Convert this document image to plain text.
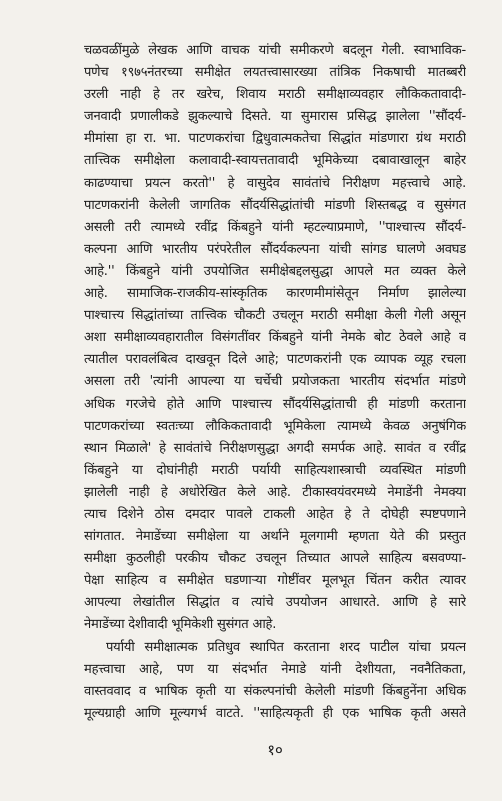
चळवळींमुळे लेखक आणि वाचक यांची समीकरणे बदलून गेली. स्वाभाविक-
पणेच १९७५नंतरच्या समीक्षेत लयतत्त्वासारख्या तांत्रिक निकषाची मातब्बरी
उरली नाही हे तर खरेच, शिवाय मराठी समीक्षाव्यवहार लौकिकतावादी-
जनवादी प्रणालीकडे झुकल्याचे दिसते. या सुमारास प्रसिद्ध झालेला ''सौंदर्य-
मीमांसा हा रा. भा. पाटणकरांचा द्विधुवात्मकतेचा सिद्धांत मांडणारा ग्रंथ मराठी
तात्त्विक समीक्षेला कलावादी-स्वायत्ततावादी भूमिकेच्या दबावाखालून बाहेर
काढण्याचा प्रयत्न करतो'' हे वासुदेव सावंतांचे निरीक्षण महत्त्वाचे आहे.
पाटणकरांनी केलेली जागतिक सौंदर्यसिद्धांतांची मांडणी शिस्तबद्ध व सुसंगत
असली तरी त्यामध्ये रवींद्र किंबहुने यांनी म्हटल्याप्रमाणे, ''पाश्चात्त्य सौंदर्य-
कल्पना आणि भारतीय परंपरेतील सौंदर्यकल्पना यांची सांगड घालणे अवघड
आहे.'' किंबहुने यांनी उपयोजित समीक्षेबद्दलसुद्धा आपले मत व्यक्त केले
आहे. सामाजिक-राजकीय-सांस्कृतिक कारणमीमांसेतून निर्माण झालेल्या
पाश्चात्त्य सिद्धांतांच्या तात्त्विक चौकटी उचलून मराठी समीक्षा केली गेली असून
अशा समीक्षाव्यवहारातील विसंगतींवर किंबहुने यांनी नेमके बोट ठेवले आहे व
त्यातील परावलंबित्व दाखवून दिले आहे; पाटणकरांनी एक व्यापक व्यूह रचला
असला तरी 'त्यांनी आपल्या या चर्चेची प्रयोजकता भारतीय संदर्भात मांडणे
अधिक गरजेचे होते आणि पाश्चात्त्य सौंदर्यसिद्धांताची ही मांडणी करताना
पाटणकरांच्या स्वतःच्या लौकिकतावादी भूमिकेला त्यामध्ये केवळ अनुषंगिक
स्थान मिळाले' हे सावंतांचे निरीक्षणसुद्धा अगदी समर्पक आहे. सावंत व रवींद्र
किंबहुने या दोघांनीही मराठी पर्यायी साहित्यशास्त्राची व्यवस्थित मांडणी
झालेली नाही हे अधोरेखित केले आहे. टीकास्वयंवरमध्ये नेमाडेंनी नेमक्या
त्याच दिशेने ठोस दमदार पावले टाकली आहेत हे ते दोघेही स्पष्टपणाने
सांगतात. नेमाडेंच्या समीक्षेला या अर्थाने मूलगामी म्हणता येते की प्रस्तुत
समीक्षा कुठलीही परकीय चौकट उचलून तिच्यात आपले साहित्य बसवण्या-
पेक्षा साहित्य व समीक्षेत घडणाऱ्या गोष्टींवर मूलभूत चिंतन करीत त्यावर
आपल्या लेखांतील सिद्धांत व त्यांचे उपयोजन आधारते. आणि हे सारे
नेमाडेंच्या देशीवादी भूमिकेशी सुसंगत आहे.
पर्यायी समीक्षात्मक प्रतिधुव स्थापित करताना शरद पाटील यांचा प्रयत्न
महत्त्वाचा आहे, पण या संदर्भात नेमाडे यांनी देशीयता, नवनैतिकता,
वास्तववाद व भाषिक कृती या संकल्पनांची केलेली मांडणी किंबहुनेंना अधिक
मूल्यग्राही आणि मूल्यगर्भ वाटते. ''साहित्यकृती ही एक भाषिक कृती असते
१०
